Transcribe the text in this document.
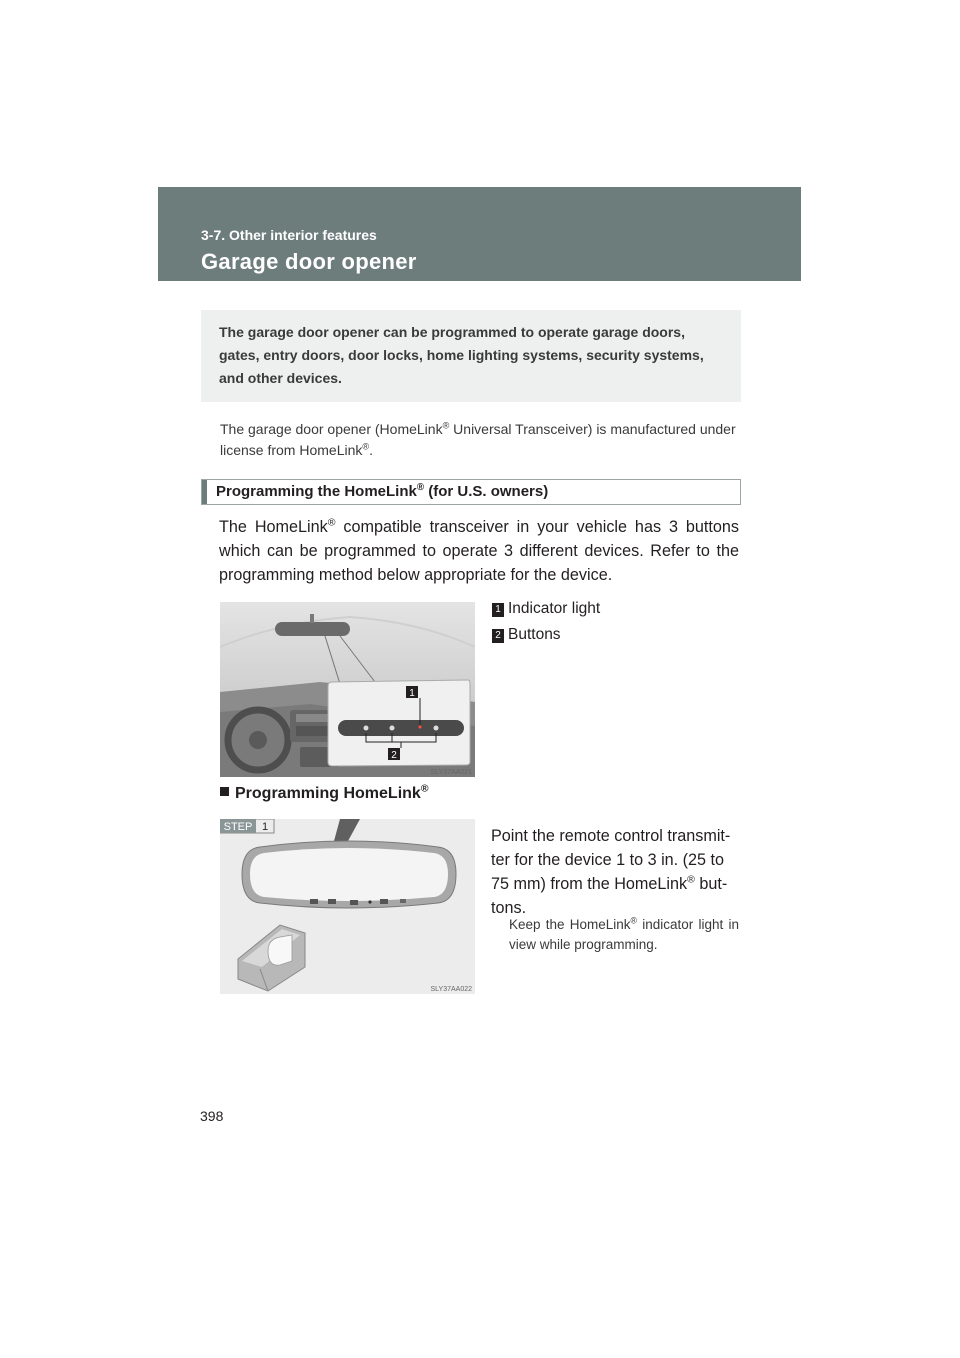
3-7. Other interior features
Garage door opener
The garage door opener can be programmed to operate garage doors, gates, entry doors, door locks, home lighting systems, security systems, and other devices.
The garage door opener (HomeLink® Universal Transceiver) is manufactured under license from HomeLink®.
Programming the HomeLink® (for U.S. owners)
The HomeLink® compatible transceiver in your vehicle has 3 buttons which can be programmed to operate 3 different devices. Refer to the programming method below appropriate for the device.
1
2
SLY37AA021
1 Indicator light
2 Buttons
Programming HomeLink®
STEP 1
SLY37AA022
Point the remote control transmit-ter for the device 1 to 3 in. (25 to 75 mm) from the HomeLink® but-tons.
Keep the HomeLink® indicator light in view while programming.
398
